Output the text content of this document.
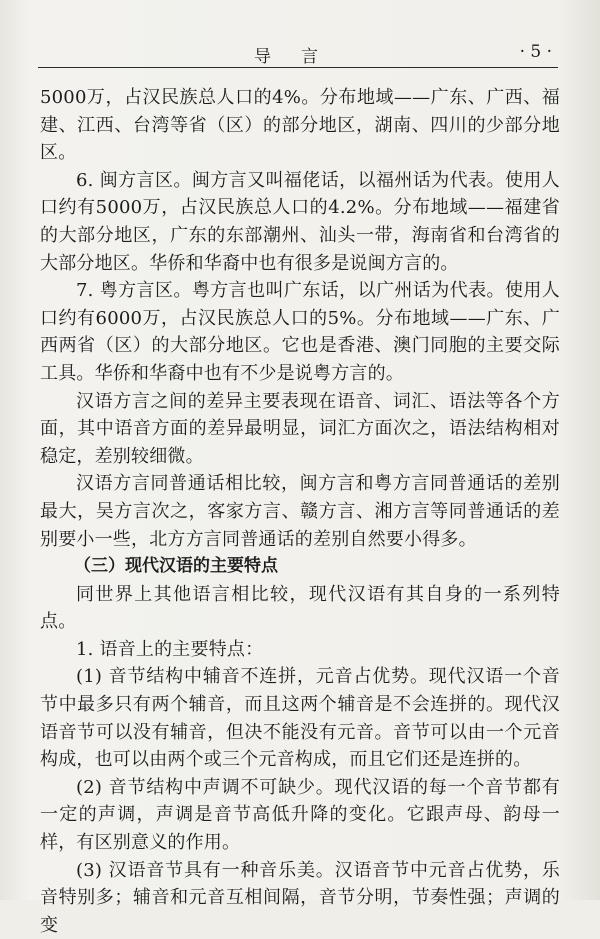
导 言	· 5 ·

5000万，占汉民族总人口的4%。分布地域——广东、广西、福建、江西、台湾等省（区）的部分地区，湖南、四川的少部分地区。

6. 闽方言区。闽方言又叫福佬话，以福州话为代表。使用人口约有5000万，占汉民族总人口的4.2%。分布地域——福建省的大部分地区，广东的东部潮州、汕头一带，海南省和台湾省的大部分地区。华侨和华裔中也有很多是说闽方言的。

7. 粤方言区。粤方言也叫广东话，以广州话为代表。使用人口约有6000万，占汉民族总人口的5%。分布地域——广东、广西两省（区）的大部分地区。它也是香港、澳门同胞的主要交际工具。华侨和华裔中也有不少是说粤方言的。

汉语方言之间的差异主要表现在语音、词汇、语法等各个方面，其中语音方面的差异最明显，词汇方面次之，语法结构相对稳定，差别较细微。

汉语方言同普通话相比较，闽方言和粤方言同普通话的差别最大，吴方言次之，客家方言、赣方言、湘方言等同普通话的差别要小一些，北方方言同普通话的差别自然要小得多。

（三）现代汉语的主要特点

同世界上其他语言相比较，现代汉语有其自身的一系列特点。

1. 语音上的主要特点：

(1) 音节结构中辅音不连拼，元音占优势。现代汉语一个音节中最多只有两个辅音，而且这两个辅音是不会连拼的。现代汉语音节可以没有辅音，但决不能没有元音。音节可以由一个元音构成，也可以由两个或三个元音构成，而且它们还是连拼的。

(2) 音节结构中声调不可缺少。现代汉语的每一个音节都有一定的声调，声调是音节高低升降的变化。它跟声母、韵母一样，有区别意义的作用。

(3) 汉语音节具有一种音乐美。汉语音节中元音占优势，乐音特别多；辅音和元音互相间隔，音节分明，节奏性强；声调的变
